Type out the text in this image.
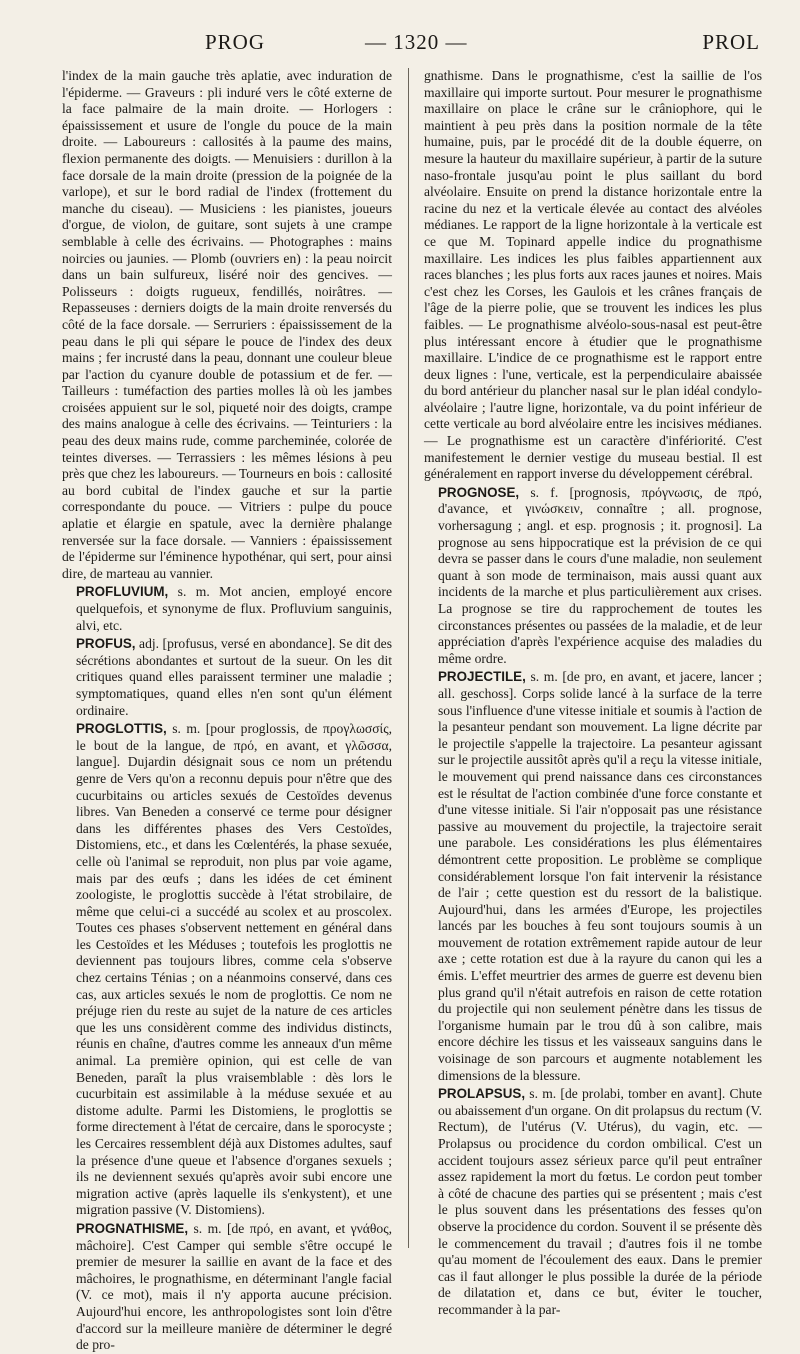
PROG	— 1320 —	PROL

l'index de la main gauche très aplatie, avec induration de l'épiderme. — Graveurs : pli induré vers le côté externe de la face palmaire de la main droite. — Horlogers : épaississement et usure de l'ongle du pouce de la main droite. — Laboureurs : callosités à la paume des mains, flexion permanente des doigts. — Menuisiers : durillon à la face dorsale de la main droite (pression de la poignée de la varlope), et sur le bord radial de l'index (frottement du manche du ciseau). — Musiciens : les pianistes, joueurs d'orgue, de violon, de guitare, sont sujets à une crampe semblable à celle des écrivains. — Photographes : mains noircies ou jaunies. — Plomb (ouvriers en) : la peau noircit dans un bain sulfureux, liséré noir des gencives. — Polisseurs : doigts rugueux, fendillés, noirâtres. — Repasseuses : derniers doigts de la main droite renversés du côté de la face dorsale. — Serruriers : épaississement de la peau dans le pli qui sépare le pouce de l'index des deux mains ; fer incrusté dans la peau, donnant une couleur bleue par l'action du cyanure double de potassium et de fer. — Tailleurs : tuméfaction des parties molles là où les jambes croisées appuient sur le sol, piqueté noir des doigts, crampe des mains analogue à celle des écrivains. — Teinturiers : la peau des deux mains rude, comme parcheminée, colorée de teintes diverses. — Terrassiers : les mêmes lésions à peu près que chez les laboureurs. — Tourneurs en bois : callosité au bord cubital de l'index gauche et sur la partie correspondante du pouce. — Vitriers : pulpe du pouce aplatie et élargie en spatule, avec la dernière phalange renversée sur la face dorsale. — Vanniers : épaississement de l'épiderme sur l'éminence hypothénar, qui sert, pour ainsi dire, de marteau au vannier.

PROFLUVIUM, s. m. Mot ancien, employé encore quelquefois, et synonyme de flux. Profluvium sanguinis, alvi, etc.

PROFUS, adj. [profusus, versé en abondance]. Se dit des sécrétions abondantes et surtout de la sueur. On les dit critiques quand elles paraissent terminer une maladie ; symptomatiques, quand elles n'en sont qu'un élément ordinaire.

PROGLOTTIS, s. m. [pour proglossis, de προγλωσσίς, le bout de la langue, de πρό, en avant, et γλῶσσα, langue]. Dujardin désignait sous ce nom un prétendu genre de Vers qu'on a reconnu depuis pour n'être que des cucurbitains ou articles sexués de Cestoïdes devenus libres. Van Beneden a conservé ce terme pour désigner dans les différentes phases des Vers Cestoïdes, Distomiens, etc., et dans les Cœlentérés, la phase sexuée, celle où l'animal se reproduit, non plus par voie agame, mais par des œufs ; dans les idées de cet éminent zoologiste, le proglottis succède à l'état strobilaire, de même que celui-ci a succédé au scolex et au proscolex. Toutes ces phases s'observent nettement en général dans les Cestoïdes et les Méduses ; toutefois les proglottis ne deviennent pas toujours libres, comme cela s'observe chez certains Ténias ; on a néanmoins conservé, dans ces cas, aux articles sexués le nom de proglottis. Ce nom ne préjuge rien du reste au sujet de la nature de ces articles que les uns considèrent comme des individus distincts, réunis en chaîne, d'autres comme les anneaux d'un même animal. La première opinion, qui est celle de van Beneden, paraît la plus vraisemblable : dès lors le cucurbitain est assimilable à la méduse sexuée et au distome adulte. Parmi les Distomiens, le proglottis se forme directement à l'état de cercaire, dans le sporocyste ; les Cercaires ressemblent déjà aux Distomes adultes, sauf la présence d'une queue et l'absence d'organes sexuels ; ils ne deviennent sexués qu'après avoir subi encore une migration active (après laquelle ils s'enkystent), et une migration passive (V. Distomiens).

PROGNATHISME, s. m. [de πρό, en avant, et γνάθος, mâchoire]. C'est Camper qui semble s'être occupé le premier de mesurer la saillie en avant de la face et des mâchoires, le prognathisme, en déterminant l'angle facial (V. ce mot), mais il n'y apporta aucune précision. Aujourd'hui encore, les anthropologistes sont loin d'être d'accord sur la meilleure manière de déterminer le degré de pro-

gnathisme. Dans le prognathisme, c'est la saillie de l'os maxillaire qui importe surtout. Pour mesurer le prognathisme maxillaire on place le crâne sur le crâniophore, qui le maintient à peu près dans la position normale de la tête humaine, puis, par le procédé dit de la double équerre, on mesure la hauteur du maxillaire supérieur, à partir de la suture naso-frontale jusqu'au point le plus saillant du bord alvéolaire. Ensuite on prend la distance horizontale entre la racine du nez et la verticale élevée au contact des alvéoles médianes. Le rapport de la ligne horizontale à la verticale est ce que M. Topinard appelle indice du prognathisme maxillaire. Les indices les plus faibles appartiennent aux races blanches ; les plus forts aux races jaunes et noires. Mais c'est chez les Corses, les Gaulois et les crânes français de l'âge de la pierre polie, que se trouvent les indices les plus faibles. — Le prognathisme alvéolo-sous-nasal est peut-être plus intéressant encore à étudier que le prognathisme maxillaire. L'indice de ce prognathisme est le rapport entre deux lignes : l'une, verticale, est la perpendiculaire abaissée du bord antérieur du plancher nasal sur le plan idéal condylo-alvéolaire ; l'autre ligne, horizontale, va du point inférieur de cette verticale au bord alvéolaire entre les incisives médianes. — Le prognathisme est un caractère d'infériorité. C'est manifestement le dernier vestige du museau bestial. Il est généralement en rapport inverse du développement cérébral.

PROGNOSE, s. f. [prognosis, πρόγνωσις, de πρό, d'avance, et γινώσκειν, connaître ; all. prognose, vorhersagung ; angl. et esp. prognosis ; it. prognosi]. La prognose au sens hippocratique est la prévision de ce qui devra se passer dans le cours d'une maladie, non seulement quant à son mode de terminaison, mais aussi quant aux incidents de la marche et plus particulièrement aux crises. La prognose se tire du rapprochement de toutes les circonstances présentes ou passées de la maladie, et de leur appréciation d'après l'expérience acquise des maladies du même ordre.

PROJECTILE, s. m. [de pro, en avant, et jacere, lancer ; all. geschoss]. Corps solide lancé à la surface de la terre sous l'influence d'une vitesse initiale et soumis à l'action de la pesanteur pendant son mouvement. La ligne décrite par le projectile s'appelle la trajectoire. La pesanteur agissant sur le projectile aussitôt après qu'il a reçu la vitesse initiale, le mouvement qui prend naissance dans ces circonstances est le résultat de l'action combinée d'une force constante et d'une vitesse initiale. Si l'air n'opposait pas une résistance passive au mouvement du projectile, la trajectoire serait une parabole. Les considérations les plus élémentaires démontrent cette proposition. Le problème se complique considérablement lorsque l'on fait intervenir la résistance de l'air ; cette question est du ressort de la balistique. Aujourd'hui, dans les armées d'Europe, les projectiles lancés par les bouches à feu sont toujours soumis à un mouvement de rotation extrêmement rapide autour de leur axe ; cette rotation est due à la rayure du canon qui les a émis. L'effet meurtrier des armes de guerre est devenu bien plus grand qu'il n'était autrefois en raison de cette rotation du projectile qui non seulement pénètre dans les tissus de l'organisme humain par le trou dû à son calibre, mais encore déchire les tissus et les vaisseaux sanguins dans le voisinage de son parcours et augmente notablement les dimensions de la blessure.

PROLAPSUS, s. m. [de prolabi, tomber en avant]. Chute ou abaissement d'un organe. On dit prolapsus du rectum (V. Rectum), de l'utérus (V. Utérus), du vagin, etc. — Prolapsus ou procidence du cordon ombilical. C'est un accident toujours assez sérieux parce qu'il peut entraîner assez rapidement la mort du fœtus. Le cordon peut tomber à côté de chacune des parties qui se présentent ; mais c'est le plus souvent dans les présentations des fesses qu'on observe la procidence du cordon. Souvent il se présente dès le commencement du travail ; d'autres fois il ne tombe qu'au moment de l'écoulement des eaux. Dans le premier cas il faut allonger le plus possible la durée de la période de dilatation et, dans ce but, éviter le toucher, recommander à la par-
